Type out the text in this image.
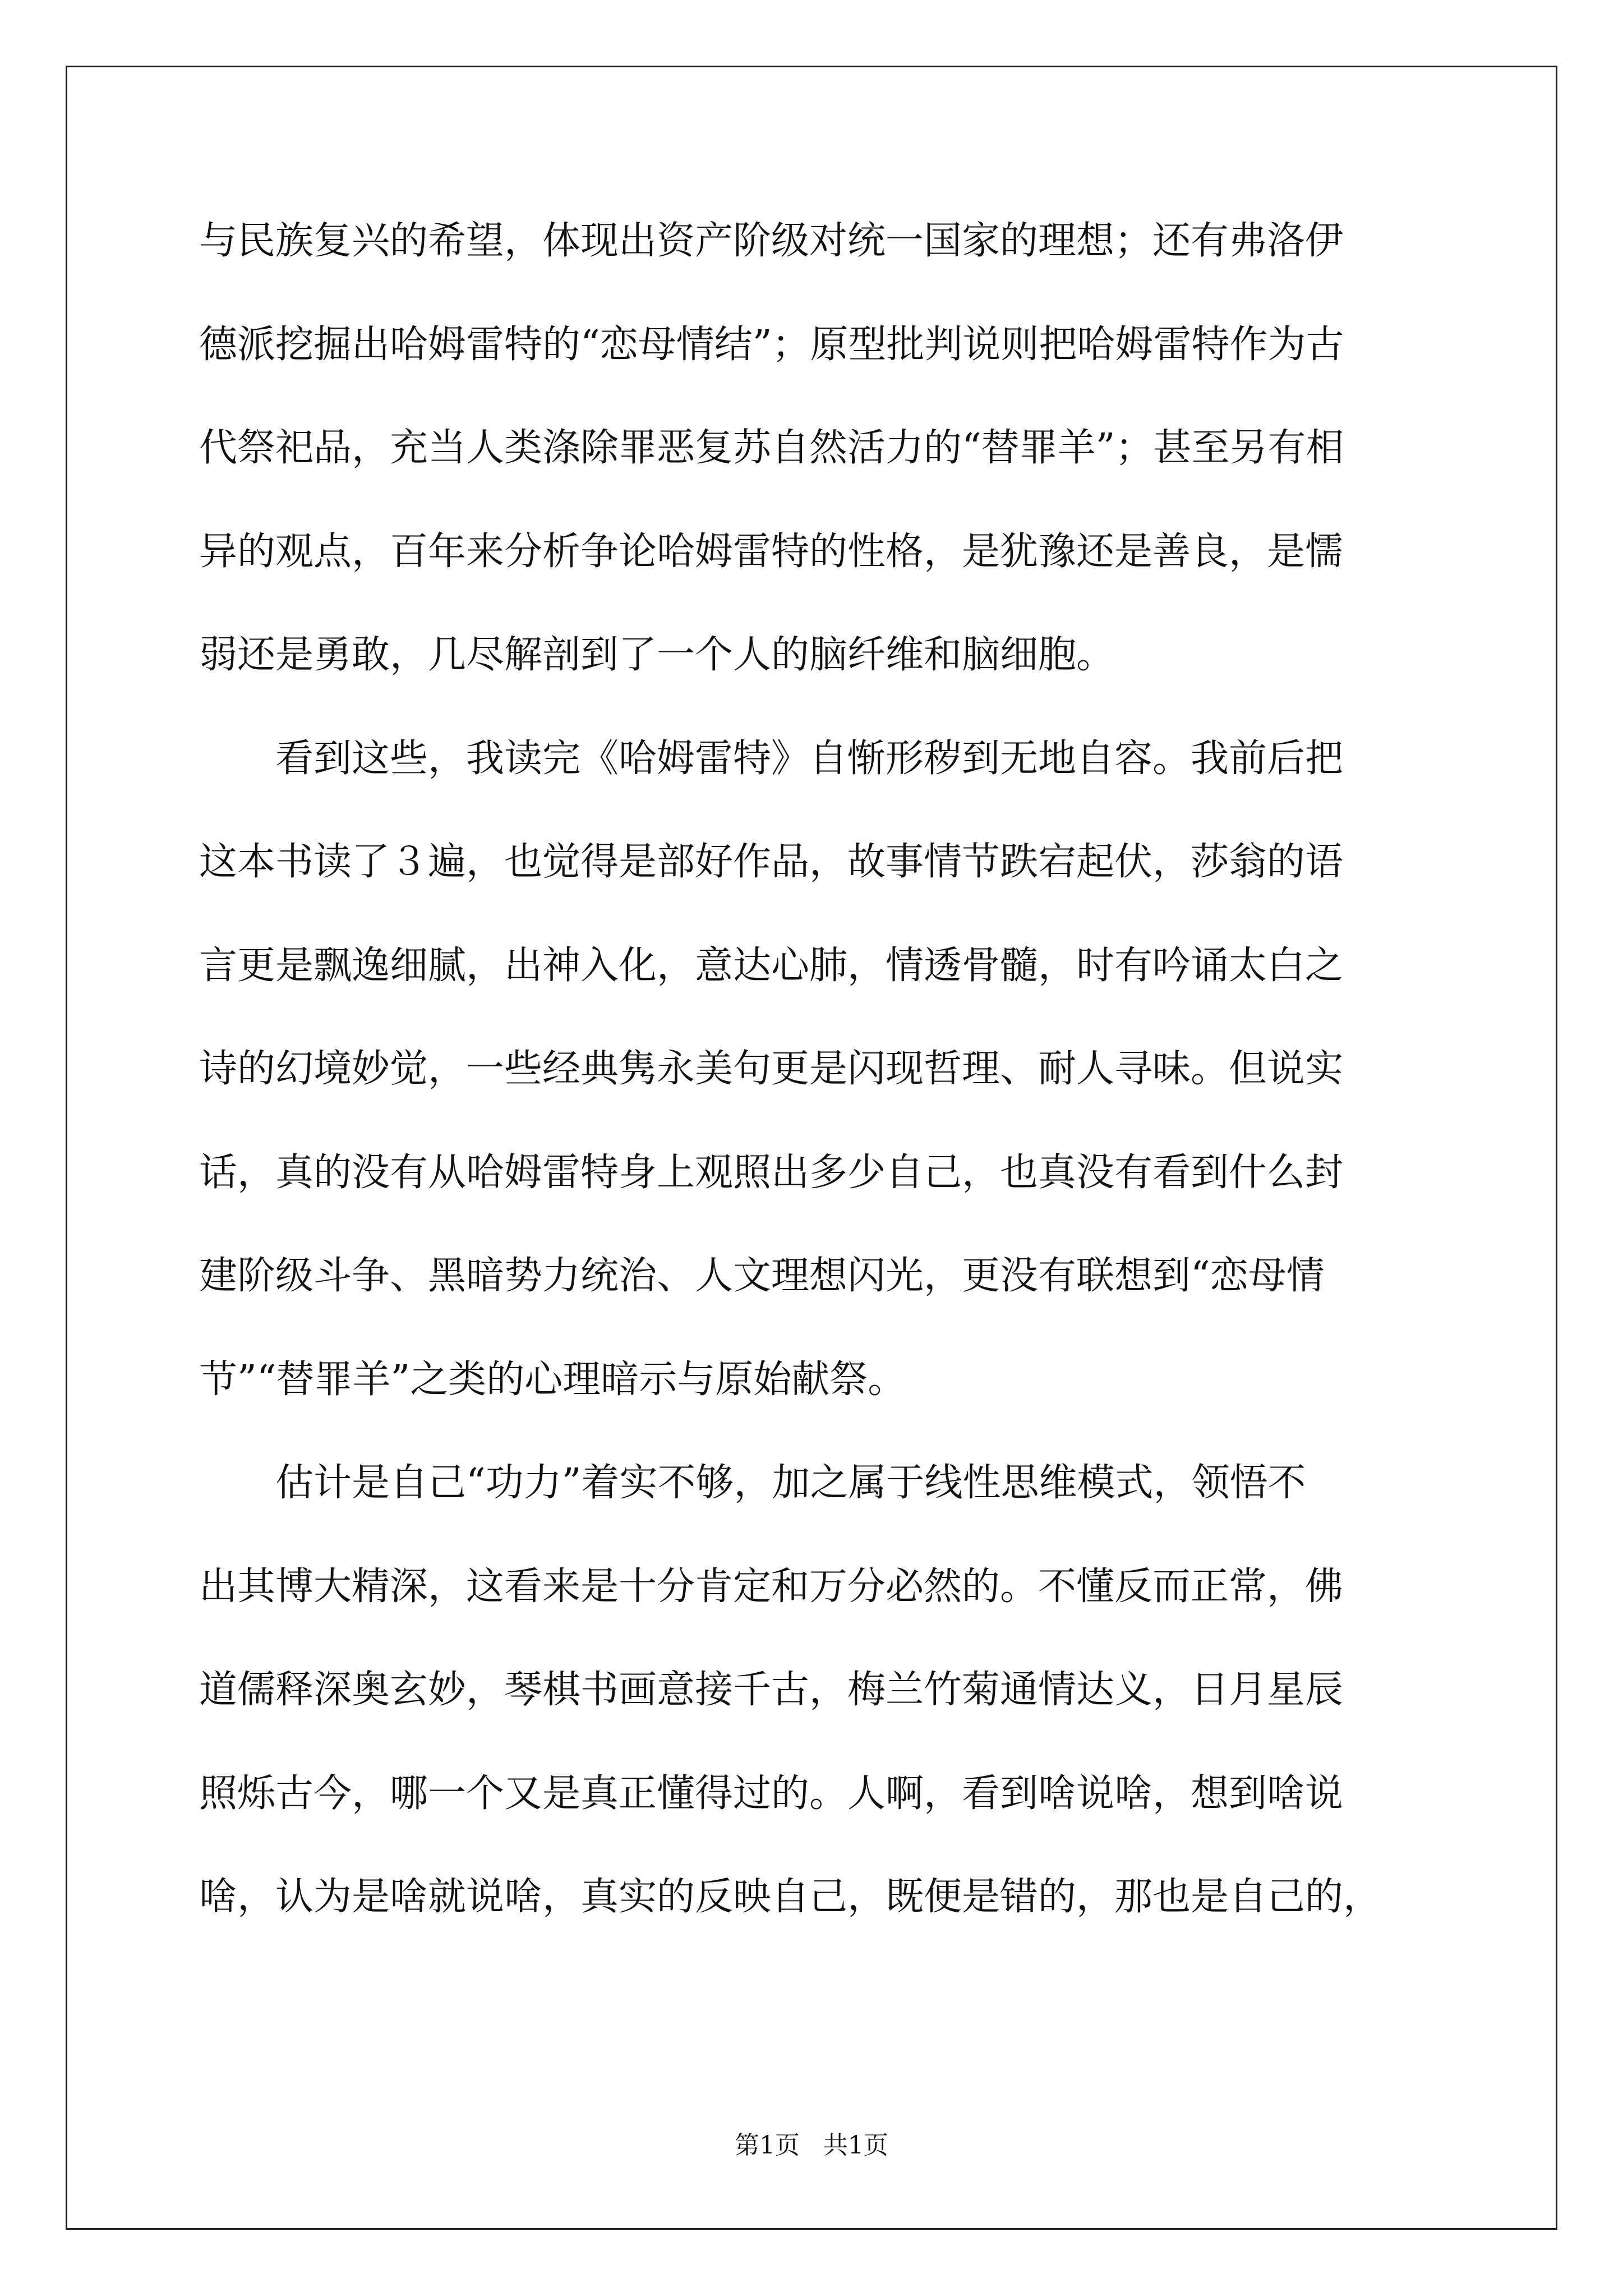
与民族复兴的希望，体现出资产阶级对统一国家的理想；还有弗洛伊
德派挖掘出哈姆雷特的“恋母情结”；原型批判说则把哈姆雷特作为古
代祭祀品，充当人类涤除罪恶复苏自然活力的“替罪羊”；甚至另有相
异的观点，百年来分析争论哈姆雷特的性格，是犹豫还是善良，是懦
弱还是勇敢，几尽解剖到了一个人的脑纤维和脑细胞。
　　看到这些，我读完《哈姆雷特》自惭形秽到无地自容。我前后把
这本书读了３遍，也觉得是部好作品，故事情节跌宕起伏，莎翁的语
言更是飘逸细腻，出神入化，意达心肺，情透骨髓，时有吟诵太白之
诗的幻境妙觉，一些经典隽永美句更是闪现哲理、耐人寻味。但说实
话，真的没有从哈姆雷特身上观照出多少自己，也真没有看到什么封
建阶级斗争、黑暗势力统治、人文理想闪光，更没有联想到“恋母情
节”“替罪羊”之类的心理暗示与原始献祭。
　　估计是自己“功力”着实不够，加之属于线性思维模式，领悟不
出其博大精深，这看来是十分肯定和万分必然的。不懂反而正常，佛
道儒释深奥玄妙，琴棋书画意接千古，梅兰竹菊通情达义，日月星辰
照烁古今，哪一个又是真正懂得过的。人啊，看到啥说啥，想到啥说
啥，认为是啥就说啥，真实的反映自己，既便是错的，那也是自己的，
第1页 共1页
